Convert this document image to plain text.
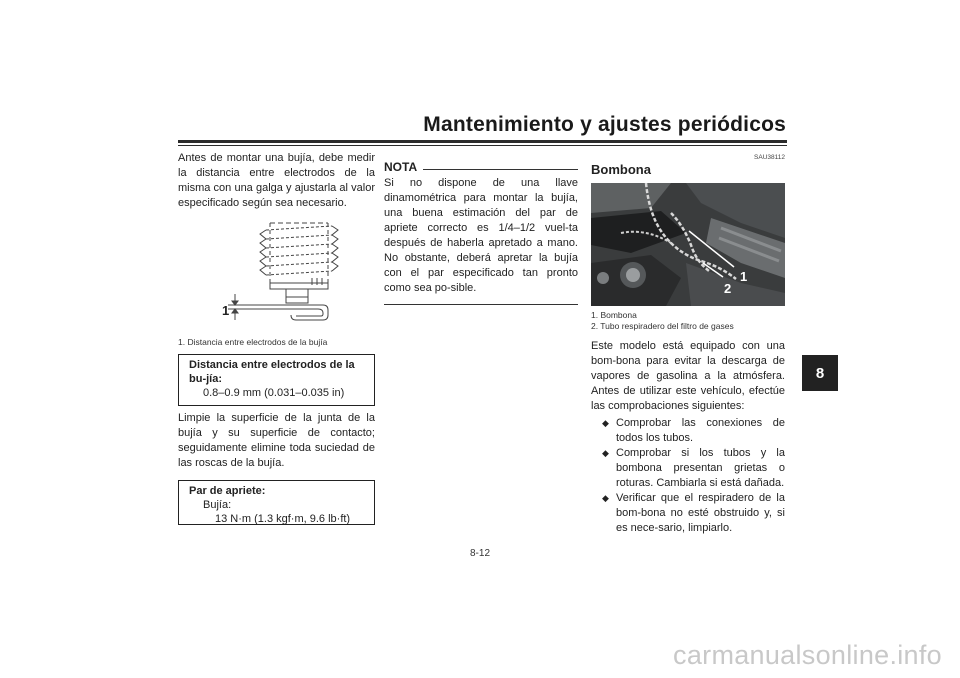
Mantenimiento y ajustes periódicos
8

Antes de montar una bujía, debe medir la distancia entre electrodos de la misma con una galga y ajustarla al valor especificado según sea necesario.

1
1. Distancia entre electrodos de la bujía
Distancia entre electrodos de la bu-jía:
0.8–0.9 mm (0.031–0.035 in)

Limpie la superficie de la junta de la bujía y su superficie de contacto; seguidamente elimine toda suciedad de las roscas de la bujía.

Par de apriete:
Bujía:
13 N·m (1.3 kgf·m, 9.6 lb·ft)
NOTA

Si no dispone de una llave dinamométrica para montar la bujía, una buena estimación del par de apriete correcto es 1/4–1/2 vuel-ta después de haberla apretado a mano. No obstante, deberá apretar la bujía con el par especificado tan pronto como sea po-sible.

SAU38112
Bombona
1
2
1. Bombona
2. Tubo respiradero del filtro de gases

Este modelo está equipado con una bom-bona para evitar la descarga de vapores de gasolina a la atmósfera. Antes de utilizar este vehículo, efectúe las comprobaciones siguientes:

◆ Comprobar las conexiones de todos los tubos.
◆ Comprobar si los tubos y la bombona presentan grietas o roturas. Cambiarla si está dañada.
◆ Verificar que el respiradero de la bom-bona no esté obstruido y, si es nece-sario, limpiarlo.
8-12
carmanualsonline.info
